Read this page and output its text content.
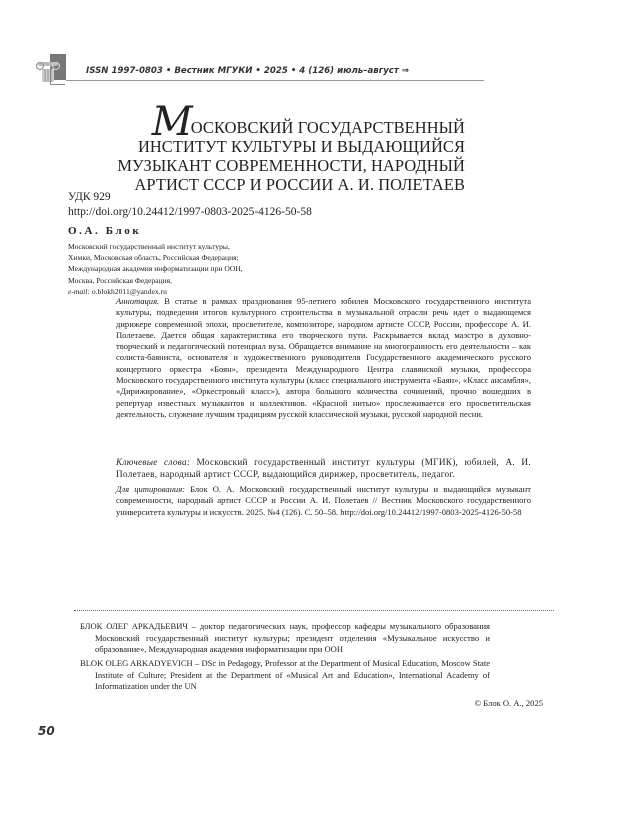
ISSN 1997-0803 • Вестник МГУКИ • 2025 • 4 (126) июль–август ⇒
МОСКОВСКИЙ ГОСУДАРСТВЕННЫЙ
ИНСТИТУТ КУЛЬТУРЫ И ВЫДАЮЩИЙСЯ
МУЗЫКАНТ СОВРЕМЕННОСТИ, НАРОДНЫЙ
АРТИСТ СССР И РОССИИ А. И. ПОЛЕТАЕВ
УДК 929
http://doi.org/10.24412/1997-0803-2025-4126-50-58
О.А. Блок
Московский государственный институт культуры,
Химки, Московская область, Российская Федерация;
Международная академия информатизации при ООН,
Москва, Российская Федерация,
e-mail: o.blokh2011@yandex.ru
Аннотация. В статье в рамках празднования 95-летнего юбилея Московского государственного института культуры, подведения итогов культурного строительства в музыкальной отрасли речь идет о выдающемся дирижере современной эпохи, просветителе, композиторе, народном артисте СССР, России, профессоре А. И. Полетаеве. Дается общая характеристика его творческого пути. Раскрывается вклад маэстро в духовно-творческий и педагогический потенциал вуза. Обращается внимание на многогранность его деятельности – как солиста-баяниста, основателя и художественного руководителя Государственного академического русского концертного оркестра «Боян», президента Международного Центра славянской музыки, профессора Московского государственного института культуры (класс специального инструмента «Баян», «Класс ансамбля», «Дирижирование», «Оркестровый класс»), автора большого количества сочинений, прочно вошедших в репертуар известных музыкантов и коллективов. «Красной нитью» прослеживается его просветительская деятельность, служение лучшим традициям русской классической музыки, русской народной песни.
Ключевые слова: Московский государственный институт культуры (МГИК), юбилей, А. И. Полетаев, народный артист СССР, выдающийся дирижер, просветитель, педагог.
Для цитирования: Блок О. А. Московский государственный институт культуры и выдающийся музыкант современности, народный артист СССР и России А. И. Полетаев // Вестник Московского государственного университета культуры и искусств. 2025. №4 (126). С. 50–58. http://doi.org/10.24412/1997-0803-2025-4126-50-58
БЛОК ОЛЕГ АРКАДЬЕВИЧ – доктор педагогических наук, профессор кафедры музыкального образования Московский государственный институт культуры; президент отделения «Музыкальное искусство и образование», Международная академия информатизации при ООН
BLOK OLEG ARKADYEVICH – DSc in Pedagogy, Professor at the Department of Musical Education, Moscow State Institute of Culture; President at the Department of «Musical Art and Education», International Academy of Informatization under the UN
© Блок О. А., 2025
50
